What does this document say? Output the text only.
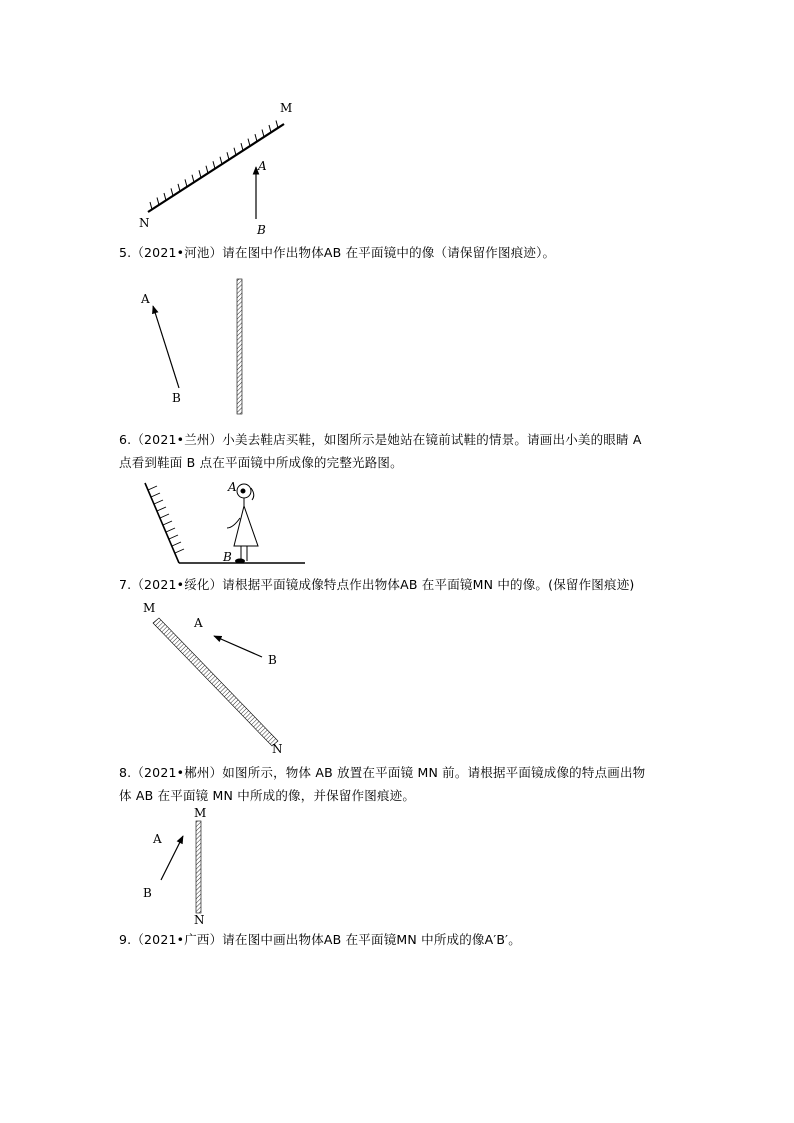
M
N
A
B
A
B
A
B
M
N
A
B
M
N
A
B
5.（2021•河池）请在图中作出物体AB 在平面镜中的像（请保留作图痕迹）。
6.（2021•兰州）小美去鞋店买鞋，如图所示是她站在镜前试鞋的情景。请画出小美的眼睛 A
点看到鞋面 B 点在平面镜中所成像的完整光路图。
7.（2021•绥化）请根据平面镜成像特点作出物体AB 在平面镜MN 中的像。(保留作图痕迹)
8.（2021•郴州）如图所示，物体 AB 放置在平面镜 MN 前。请根据平面镜成像的特点画出物
体 AB 在平面镜 MN 中所成的像，并保留作图痕迹。
9.（2021•广西）请在图中画出物体AB 在平面镜MN 中所成的像A′B′。
